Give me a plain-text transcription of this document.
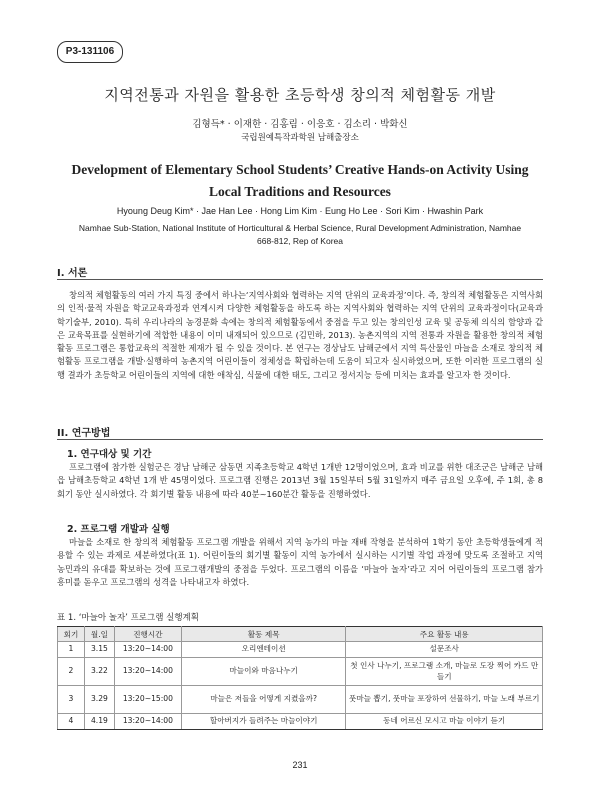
P3-131106
지역전통과 자원을 활용한 초등학생 창의적 체험활동 개발
김형득* · 이재한 · 김홍림 · 이응호 · 김소리 · 박화신
국립원예특작과학원 남해출장소
Development of Elementary School Students’ Creative Hands-on Activity Using Local Traditions and Resources
Hyoung Deug Kim* · Jae Han Lee · Hong Lim Kim · Eung Ho Lee · Sori Kim · Hwashin Park
Namhae Sub-Station, National Institute of Horticultural & Herbal Science, Rural Development Administration, Namhae 668-812, Rep of Korea
I. 서론

창의적 체험활동의 여러 가지 특징 중에서 하나는‘지역사회와 협력하는 지역 단위의 교육과정’이다. 즉, 창의적 체험활동은 지역사회의 인적·물적 자원을 학교교육과정과 연계시켜 다양한 체험활동을 하도록 하는 지역사회와 협력하는 지역 단위의 교육과정이다(교육과학기술부, 2010). 특히 우리나라의 농경문화 속에는 창의적 체험활동에서 중점을 두고 있는 창의인성 교육 및 공동체 의식의 함양과 같은 교육목표를 실현하기에 적합한 내용이 이미 내재되어 있으므로 (김민하, 2013). 농촌지역의 지역 전통과 자원을 활용한 창의적 체험활동 프로그램은 통합교육의 적절한 제재가 될 수 있을 것이다. 본 연구는 경상남도 남해군에서 지역 특산물인 마늘을 소재로 창의적 체험활동 프로그램을 개발·실행하여 농촌지역 어린이들이 정체성을 확립하는데 도움이 되고자 실시하였으며, 또한 이러한 프로그램의 실행 결과가 초등학교 어린이들의 지역에 대한 애착심, 식물에 대한 태도, 그리고 정서지능 등에 미치는 효과를 알고자 한 것이다.

II. 연구방법
1. 연구대상 및 기간

프로그램에 참가한 실험군은 경남 남해군 삼동면 지족초등학교 4학년 1개반 12명이었으며, 효과 비교를 위한 대조군은 남해군 남해읍 남해초등학교 4학년 1개 반 45명이었다. 프로그램 진행은 2013년 3월 15일부터 5월 31일까지 매주 금요일 오후에, 주 1회, 총 8회기 동안 실시하였다. 각 회기별 활동 내용에 따라 40분~160분간 활동을 진행하였다.

2. 프로그램 개발과 실행

마늘을 소재로 한 창의적 체험활동 프로그램 개발을 위해서 지역 농가의 마늘 재배 작형을 분석하여 1학기 동안 초등학생들에게 적용할 수 있는 과제로 세분하였다(표 1). 어린이들의 회기별 활동이 지역 농가에서 실시하는 시기별 작업 과정에 맞도록 조절하고 지역 농민과의 유대를 확보하는 것에 프로그램개발의 중점을 두었다. 프로그램의 이름을 ‘마늘아 놀자’라고 지어 어린이들의 프로그램 참가 흥미를 돋우고 프로그램의 성격을 나타내고자 하였다.

표 1. ‘마늘아 놀자’ 프로그램 실행계획
회기	월.일	진행시간	활동 제목	주요 활동 내용
1	3.15	13:20~14:00	오리엔테이션	설문조사
2	3.22	13:20~14:00	마늘이와 마음나누기	첫 인사 나누기, 프로그램 소개, 마늘로 도장 찍어 카드 만들기
3	3.29	13:20~15:00	마늘은 저들을 어떻게 지켰을까?	풋마늘 뽑기, 풋마늘 포장하여 선물하기, 마늘 노래 부르기
4	4.19	13:20~14:00	할아버지가 들려주는 마늘이야기	동네 어르신 모시고 마늘 이야기 듣기
231
